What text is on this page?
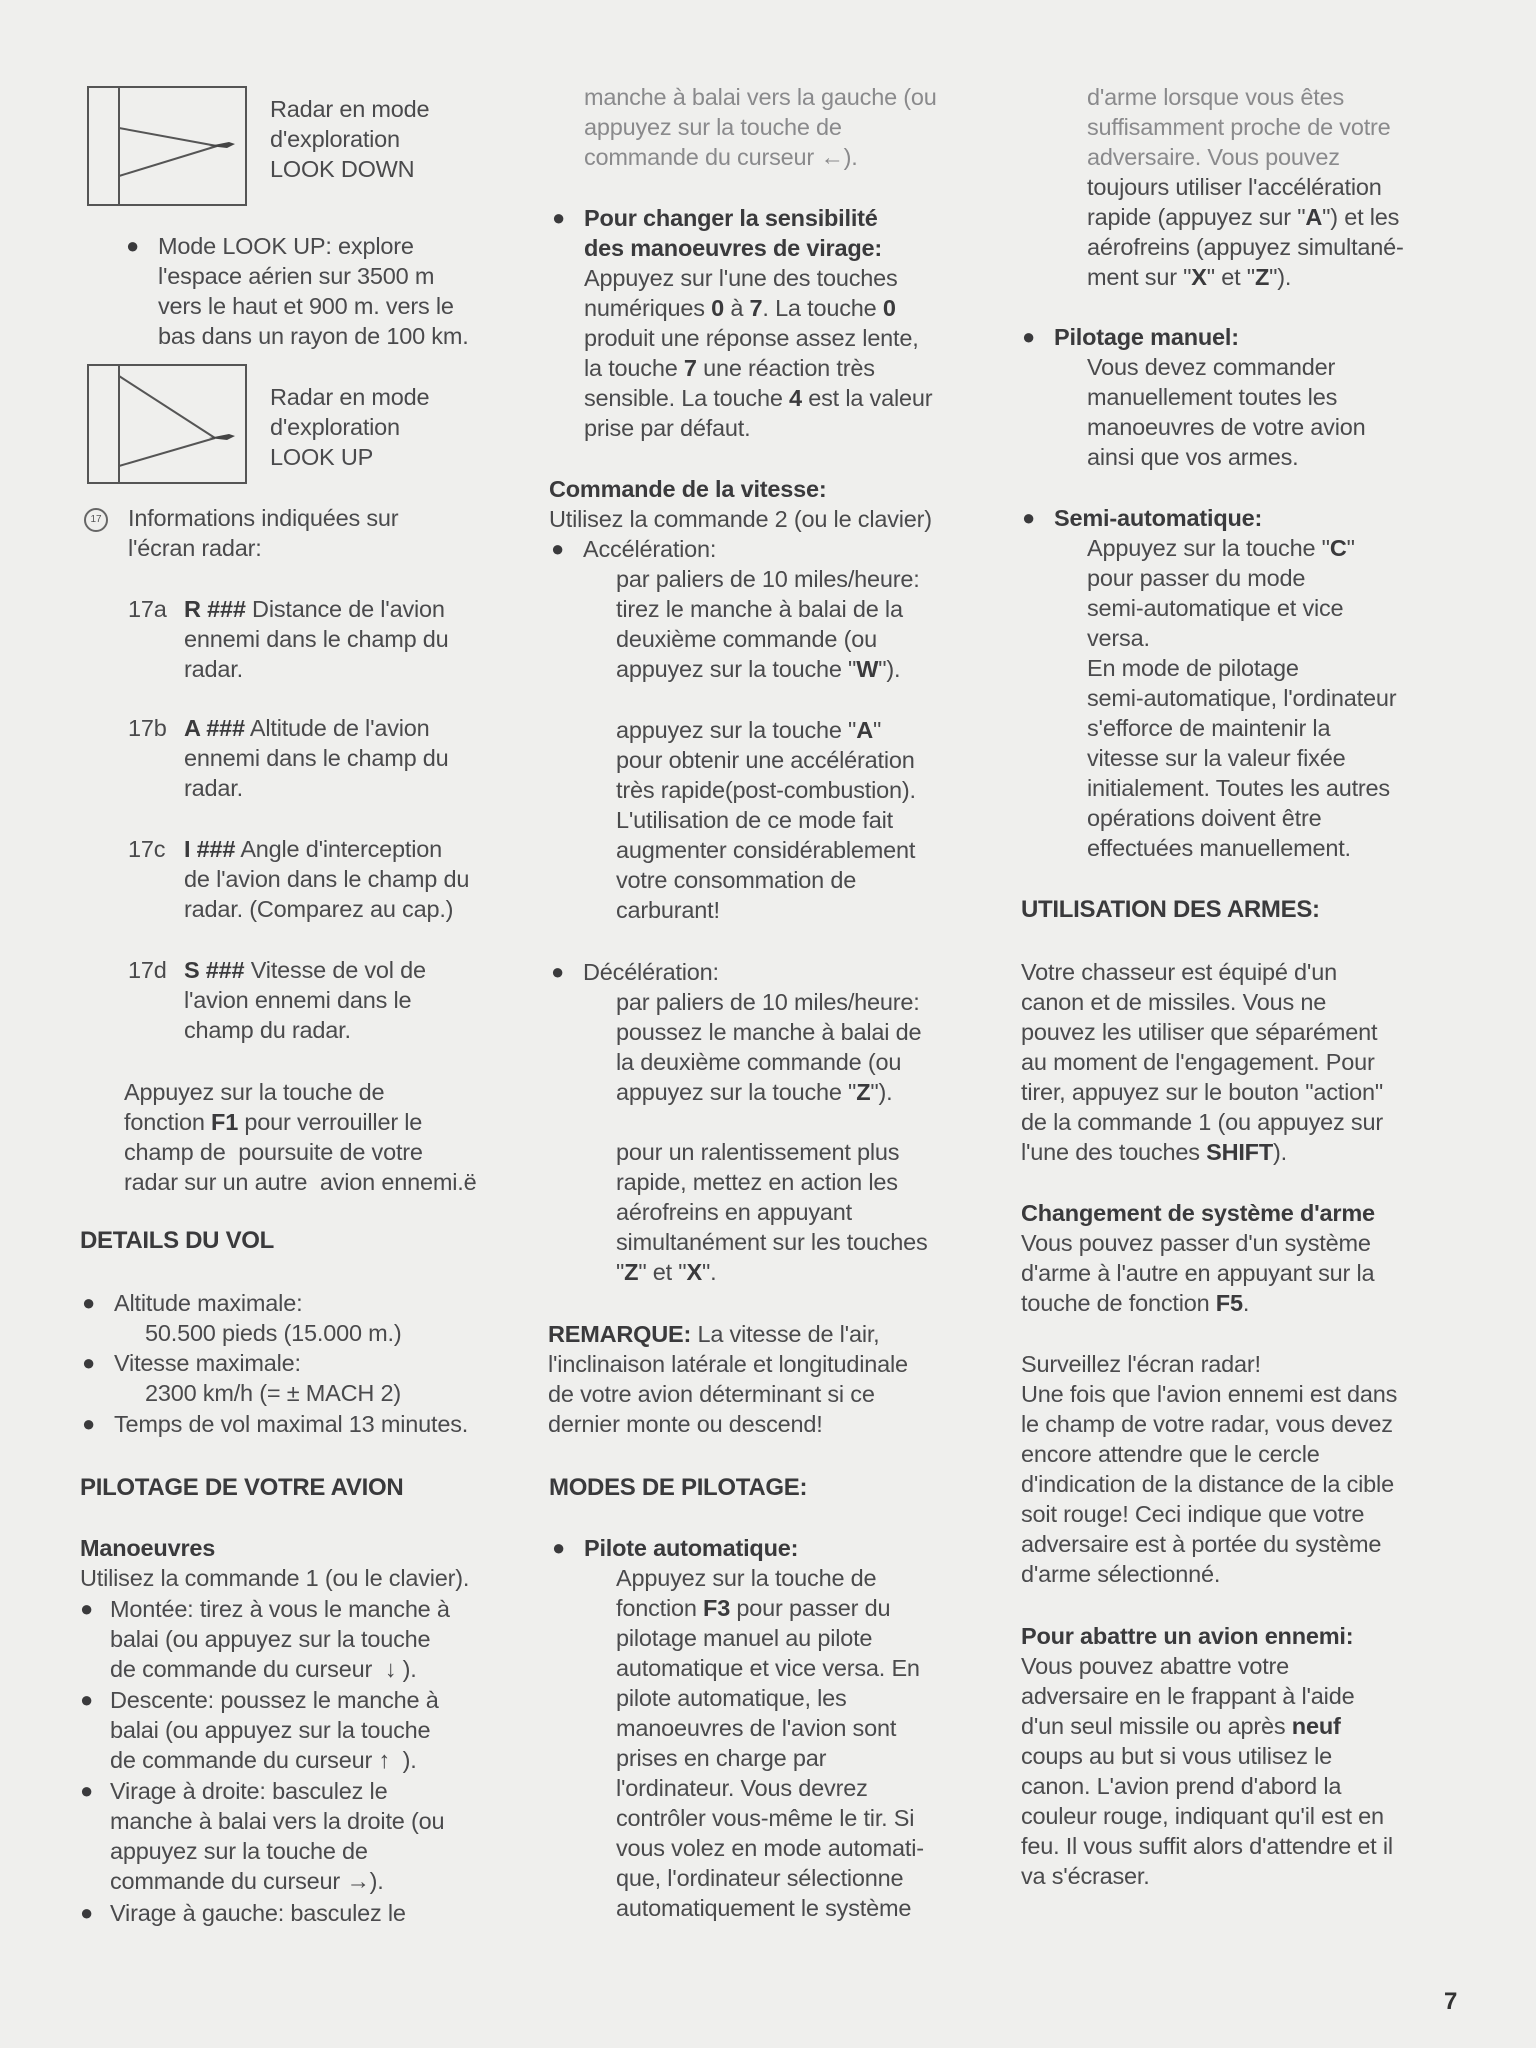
Radar en mode
d'exploration
LOOK DOWN
● Mode LOOK UP: explore
l'espace aérien sur 3500 m
vers le haut et 900 m. vers le
bas dans un rayon de 100 km.
Radar en mode
d'exploration
LOOK UP
17 Informations indiquées sur
l'écran radar:
17a R ### Distance de l'avion
ennemi dans le champ du
radar.
17b A ### Altitude de l'avion
ennemi dans le champ du
radar.
17c I ### Angle d'interception
de l'avion dans le champ du
radar. (Comparez au cap.)
17d S ### Vitesse de vol de
l'avion ennemi dans le
champ du radar.
Appuyez sur la touche de
fonction F1 pour verrouiller le
champ de  poursuite de votre
radar sur un autre  avion ennemi.ë
DETAILS DU VOL
● Altitude maximale:
50.500 pieds (15.000 m.)
● Vitesse maximale:
2300 km/h (= ± MACH 2)
● Temps de vol maximal 13 minutes.
PILOTAGE DE VOTRE AVION
Manoeuvres
Utilisez la commande 1 (ou le clavier).
● Montée: tirez à vous le manche à
balai (ou appuyez sur la touche
de commande du curseur  ↓ ).
● Descente: poussez le manche à
balai (ou appuyez sur la touche
de commande du curseur ↑  ).
● Virage à droite: basculez le
manche à balai vers la droite (ou
appuyez sur la touche de
commande du curseur →).
● Virage à gauche: basculez le
manche à balai vers la gauche (ou
appuyez sur la touche de
commande du curseur ←).
● Pour changer la sensibilité
des manoeuvres de virage:
Appuyez sur l'une des touches
numériques 0 à 7. La touche 0
produit une réponse assez lente,
la touche 7 une réaction très
sensible. La touche 4 est la valeur
prise par défaut.
Commande de la vitesse:
Utilisez la commande 2 (ou le clavier)
● Accélération:
par paliers de 10 miles/heure:
tirez le manche à balai de la
deuxième commande (ou
appuyez sur la touche "W").
appuyez sur la touche "A"
pour obtenir une accélération
très rapide(post-combustion).
L'utilisation de ce mode fait
augmenter considérablement
votre consommation de
carburant!
● Décélération:
par paliers de 10 miles/heure:
poussez le manche à balai de
la deuxième commande (ou
appuyez sur la touche "Z").
pour un ralentissement plus
rapide, mettez en action les
aérofreins en appuyant
simultanément sur les touches
"Z" et "X".
REMARQUE: La vitesse de l'air,
l'inclinaison latérale et longitudinale
de votre avion déterminant si ce
dernier monte ou descend!
MODES DE PILOTAGE:
● Pilote automatique:
Appuyez sur la touche de
fonction F3 pour passer du
pilotage manuel au pilote
automatique et vice versa. En
pilote automatique, les
manoeuvres de l'avion sont
prises en charge par
l'ordinateur. Vous devrez
contrôler vous-même le tir. Si
vous volez en mode automati-
que, l'ordinateur sélectionne
automatiquement le système
d'arme lorsque vous êtes
suffisamment proche de votre
adversaire. Vous pouvez
toujours utiliser l'accélération
rapide (appuyez sur "A") et les
aérofreins (appuyez simultané-
ment sur "X" et "Z").
● Pilotage manuel:
Vous devez commander
manuellement toutes les
manoeuvres de votre avion
ainsi que vos armes.
● Semi-automatique:
Appuyez sur la touche "C"
pour passer du mode
semi-automatique et vice
versa.
En mode de pilotage
semi-automatique, l'ordinateur
s'efforce de maintenir la
vitesse sur la valeur fixée
initialement. Toutes les autres
opérations doivent être
effectuées manuellement.
UTILISATION DES ARMES:
Votre chasseur est équipé d'un
canon et de missiles. Vous ne
pouvez les utiliser que séparément
au moment de l'engagement. Pour
tirer, appuyez sur le bouton "action"
de la commande 1 (ou appuyez sur
l'une des touches SHIFT).
Changement de système d'arme
Vous pouvez passer d'un système
d'arme à l'autre en appuyant sur la
touche de fonction F5.
Surveillez l'écran radar!
Une fois que l'avion ennemi est dans
le champ de votre radar, vous devez
encore attendre que le cercle
d'indication de la distance de la cible
soit rouge! Ceci indique que votre
adversaire est à portée du système
d'arme sélectionné.
Pour abattre un avion ennemi:
Vous pouvez abattre votre
adversaire en le frappant à l'aide
d'un seul missile ou après neuf
coups au but si vous utilisez le
canon. L'avion prend d'abord la
couleur rouge, indiquant qu'il est en
feu. Il vous suffit alors d'attendre et il
va s'écraser.
7
